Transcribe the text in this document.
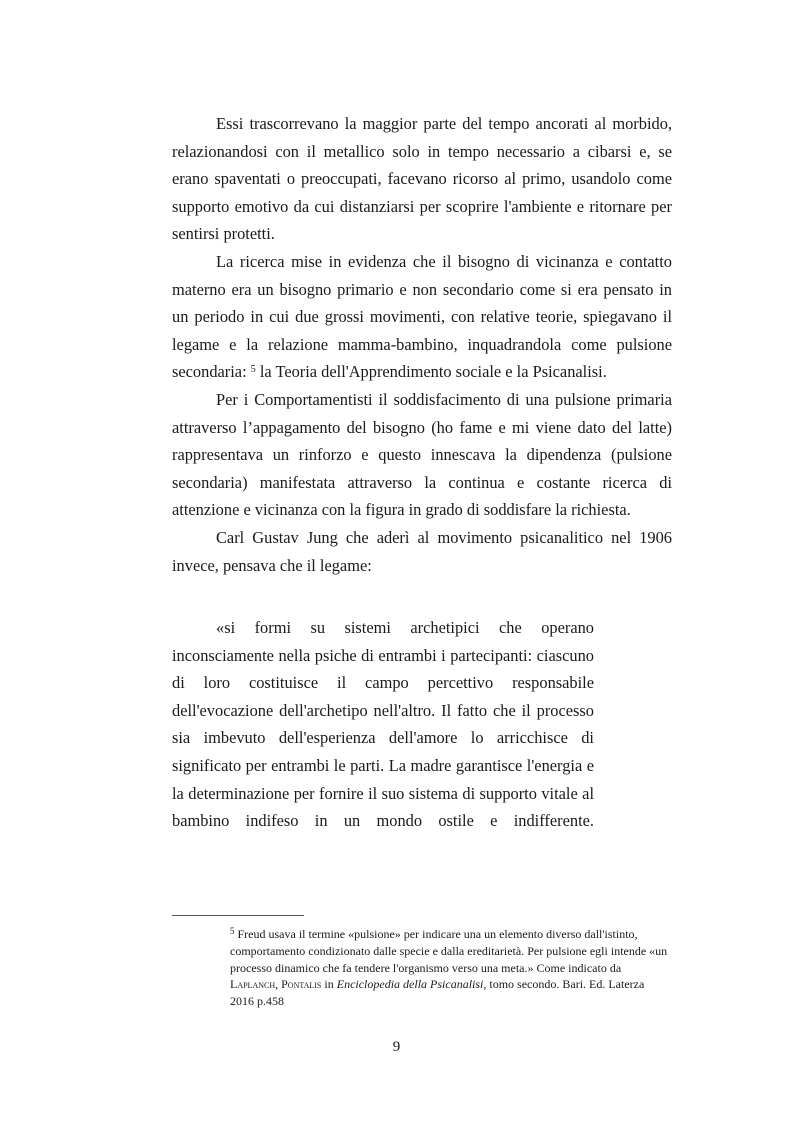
Essi trascorrevano la maggior parte del tempo ancorati al morbido, relazionandosi con il metallico solo in tempo necessario a cibarsi e, se erano spaventati o preoccupati, facevano ricorso al primo, usandolo come supporto emotivo da cui distanziarsi per scoprire l'ambiente e ritornare per sentirsi protetti.

La ricerca mise in evidenza che il bisogno di vicinanza e contatto materno era un bisogno primario e non secondario come si era pensato in un periodo in cui due grossi movimenti, con relative teorie, spiegavano il legame e la relazione mamma-bambino, inquadrandola come pulsione secondaria: $^5$ la Teoria dell'Apprendimento sociale e la Psicanalisi.

Per i Comportamentisti il soddisfacimento di una pulsione primaria attraverso l’appagamento del bisogno (ho fame e mi viene dato del latte) rappresentava un rinforzo e questo innescava la dipendenza (pulsione secondaria) manifestata attraverso la continua e costante ricerca di attenzione e vicinanza con la figura in grado di soddisfare la richiesta.

Carl Gustav Jung che aderì al movimento psicanalitico nel 1906 invece, pensava che il legame:

«si formi su sistemi archetipici che operano inconsciamente nella psiche di entrambi i partecipanti: ciascuno di loro costituisce il campo percettivo responsabile dell'evocazione dell'archetipo nell'altro. Il fatto che il processo sia imbevuto dell'esperienza dell'amore lo arricchisce di significato per entrambi le parti. La madre garantisce l'energia e la determinazione per fornire il suo sistema di supporto vitale al bambino indifeso in un mondo ostile e indifferente.

$^5$ Freud usava il termine «pulsione» per indicare una un elemento diverso dall'istinto, comportamento condizionato dalle specie e dalla ereditarietà. Per pulsione egli intende «un processo dinamico che fa tendere l'organismo verso una meta.» Come indicato da Laplanch, Pontalis in Enciclopedia della Psicanalisi, tomo secondo. Bari. Ed. Laterza 2016 p.458
9
